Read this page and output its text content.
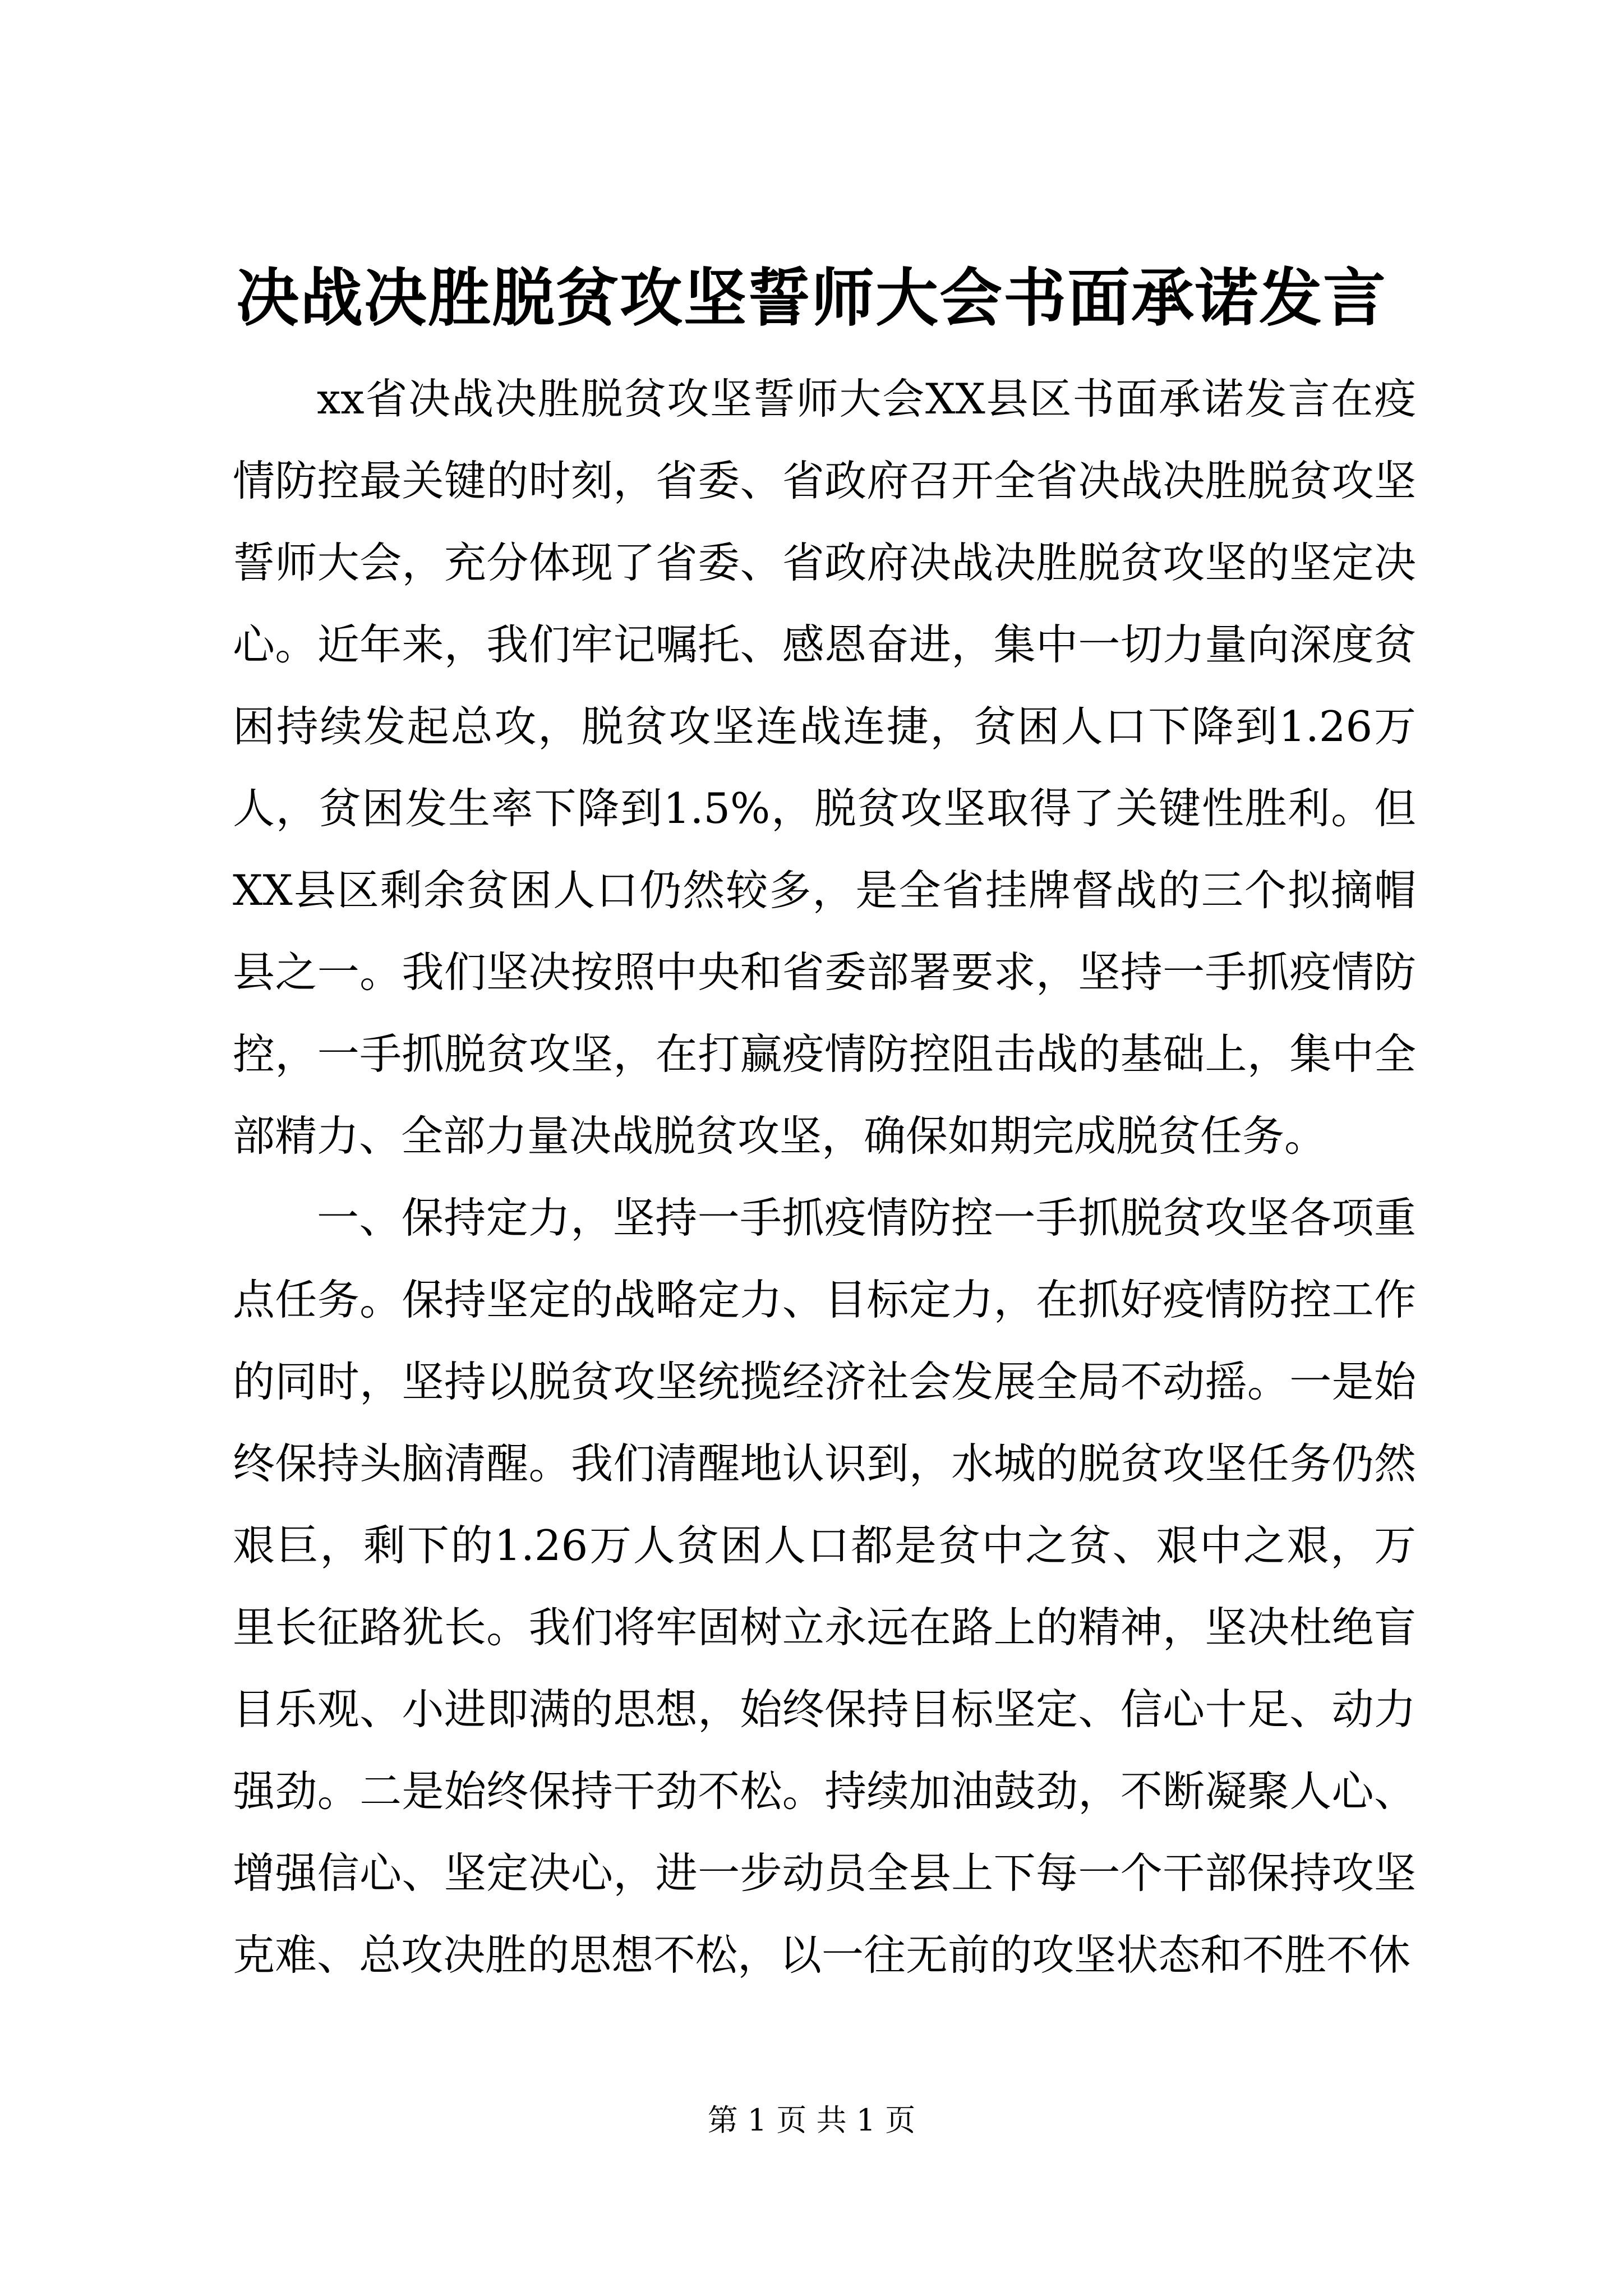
决战决胜脱贫攻坚誓师大会书面承诺发言

xx省决战决胜脱贫攻坚誓师大会XX县区书面承诺发言在疫情防控最关键的时刻，省委、省政府召开全省决战决胜脱贫攻坚誓师大会，充分体现了省委、省政府决战决胜脱贫攻坚的坚定决心。近年来，我们牢记嘱托、感恩奋进，集中一切力量向深度贫困持续发起总攻，脱贫攻坚连战连捷，贫困人口下降到1.26万人，贫困发生率下降到1.5%，脱贫攻坚取得了关键性胜利。但XX县区剩余贫困人口仍然较多，是全省挂牌督战的三个拟摘帽县之一。我们坚决按照中央和省委部署要求，坚持一手抓疫情防控，一手抓脱贫攻坚，在打赢疫情防控阻击战的基础上，集中全部精力、全部力量决战脱贫攻坚，确保如期完成脱贫任务。

一、保持定力，坚持一手抓疫情防控一手抓脱贫攻坚各项重点任务。保持坚定的战略定力、目标定力，在抓好疫情防控工作的同时，坚持以脱贫攻坚统揽经济社会发展全局不动摇。一是始终保持头脑清醒。我们清醒地认识到，水城的脱贫攻坚任务仍然艰巨，剩下的1.26万人贫困人口都是贫中之贫、艰中之艰，万里长征路犹长。我们将牢固树立永远在路上的精神，坚决杜绝盲目乐观、小进即满的思想，始终保持目标坚定、信心十足、动力强劲。二是始终保持干劲不松。持续加油鼓劲，不断凝聚人心、增强信心、坚定决心，进一步动员全县上下每一个干部保持攻坚克难、总攻决胜的思想不松，以一往无前的攻坚状态和不胜不休

第 1 页 共 1 页
